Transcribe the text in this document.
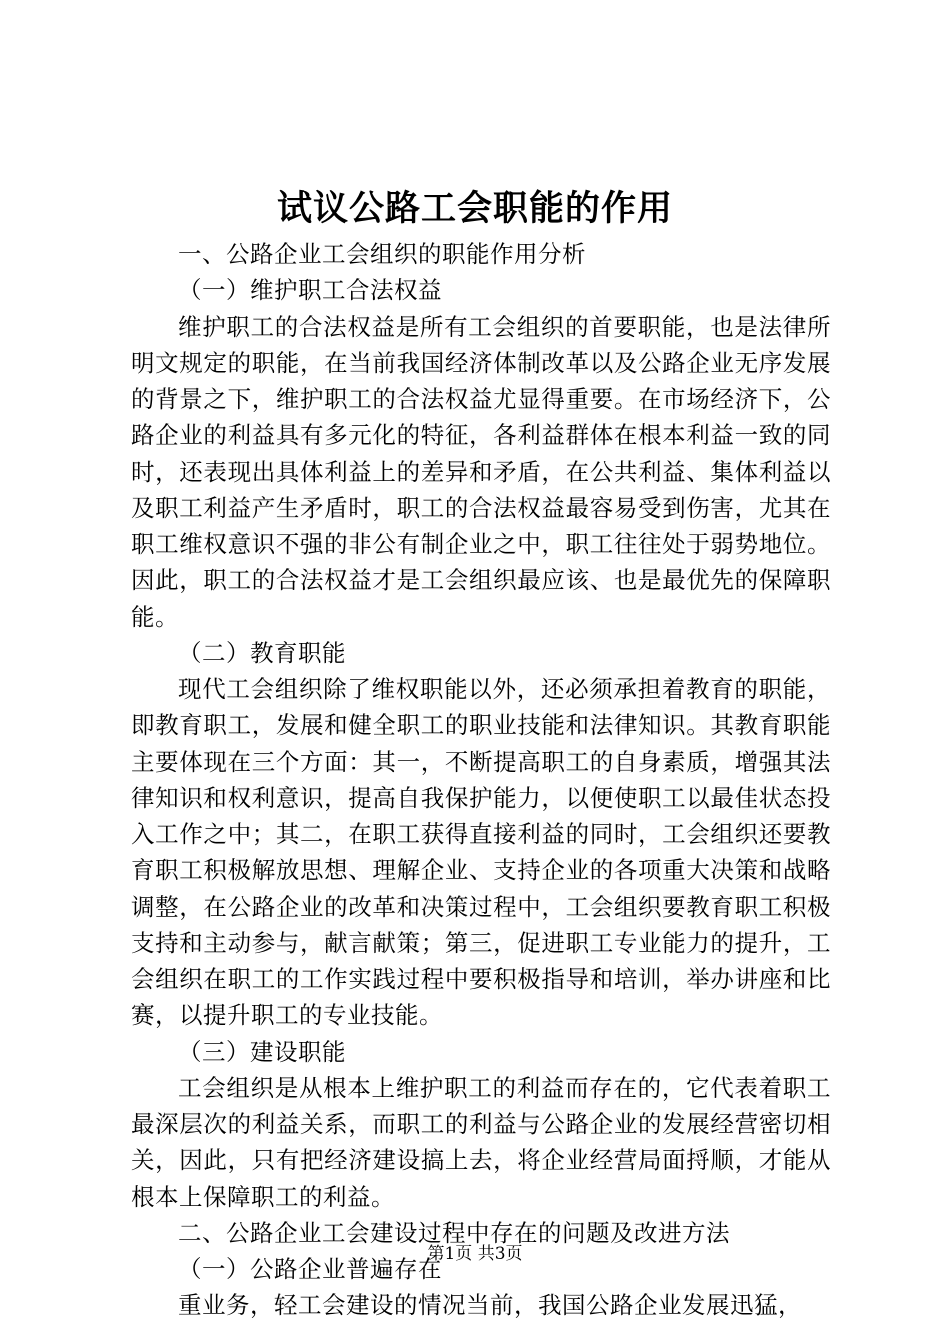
试议公路工会职能的作用

一、公路企业工会组织的职能作用分析

（一）维护职工合法权益

维护职工的合法权益是所有工会组织的首要职能，也是法律所明文规定的职能，在当前我国经济体制改革以及公路企业无序发展的背景之下，维护职工的合法权益尤显得重要。在市场经济下，公路企业的利益具有多元化的特征，各利益群体在根本利益一致的同时，还表现出具体利益上的差异和矛盾，在公共利益、集体利益以及职工利益产生矛盾时，职工的合法权益最容易受到伤害，尤其在职工维权意识不强的非公有制企业之中，职工往往处于弱势地位。因此，职工的合法权益才是工会组织最应该、也是最优先的保障职能。

（二）教育职能

现代工会组织除了维权职能以外，还必须承担着教育的职能，即教育职工，发展和健全职工的职业技能和法律知识。其教育职能主要体现在三个方面：其一，不断提高职工的自身素质，增强其法律知识和权利意识，提高自我保护能力，以便使职工以最佳状态投入工作之中；其二，在职工获得直接利益的同时，工会组织还要教育职工积极解放思想、理解企业、支持企业的各项重大决策和战略调整，在公路企业的改革和决策过程中，工会组织要教育职工积极支持和主动参与，献言献策；第三，促进职工专业能力的提升，工会组织在职工的工作实践过程中要积极指导和培训，举办讲座和比赛，以提升职工的专业技能。

（三）建设职能

工会组织是从根本上维护职工的利益而存在的，它代表着职工最深层次的利益关系，而职工的利益与公路企业的发展经营密切相关，因此，只有把经济建设搞上去，将企业经营局面捋顺，才能从根本上保障职工的利益。

二、公路企业工会建设过程中存在的问题及改进方法

（一）公路企业普遍存在

重业务，轻工会建设的情况当前，我国公路企业发展迅猛，

第1页 共3页
